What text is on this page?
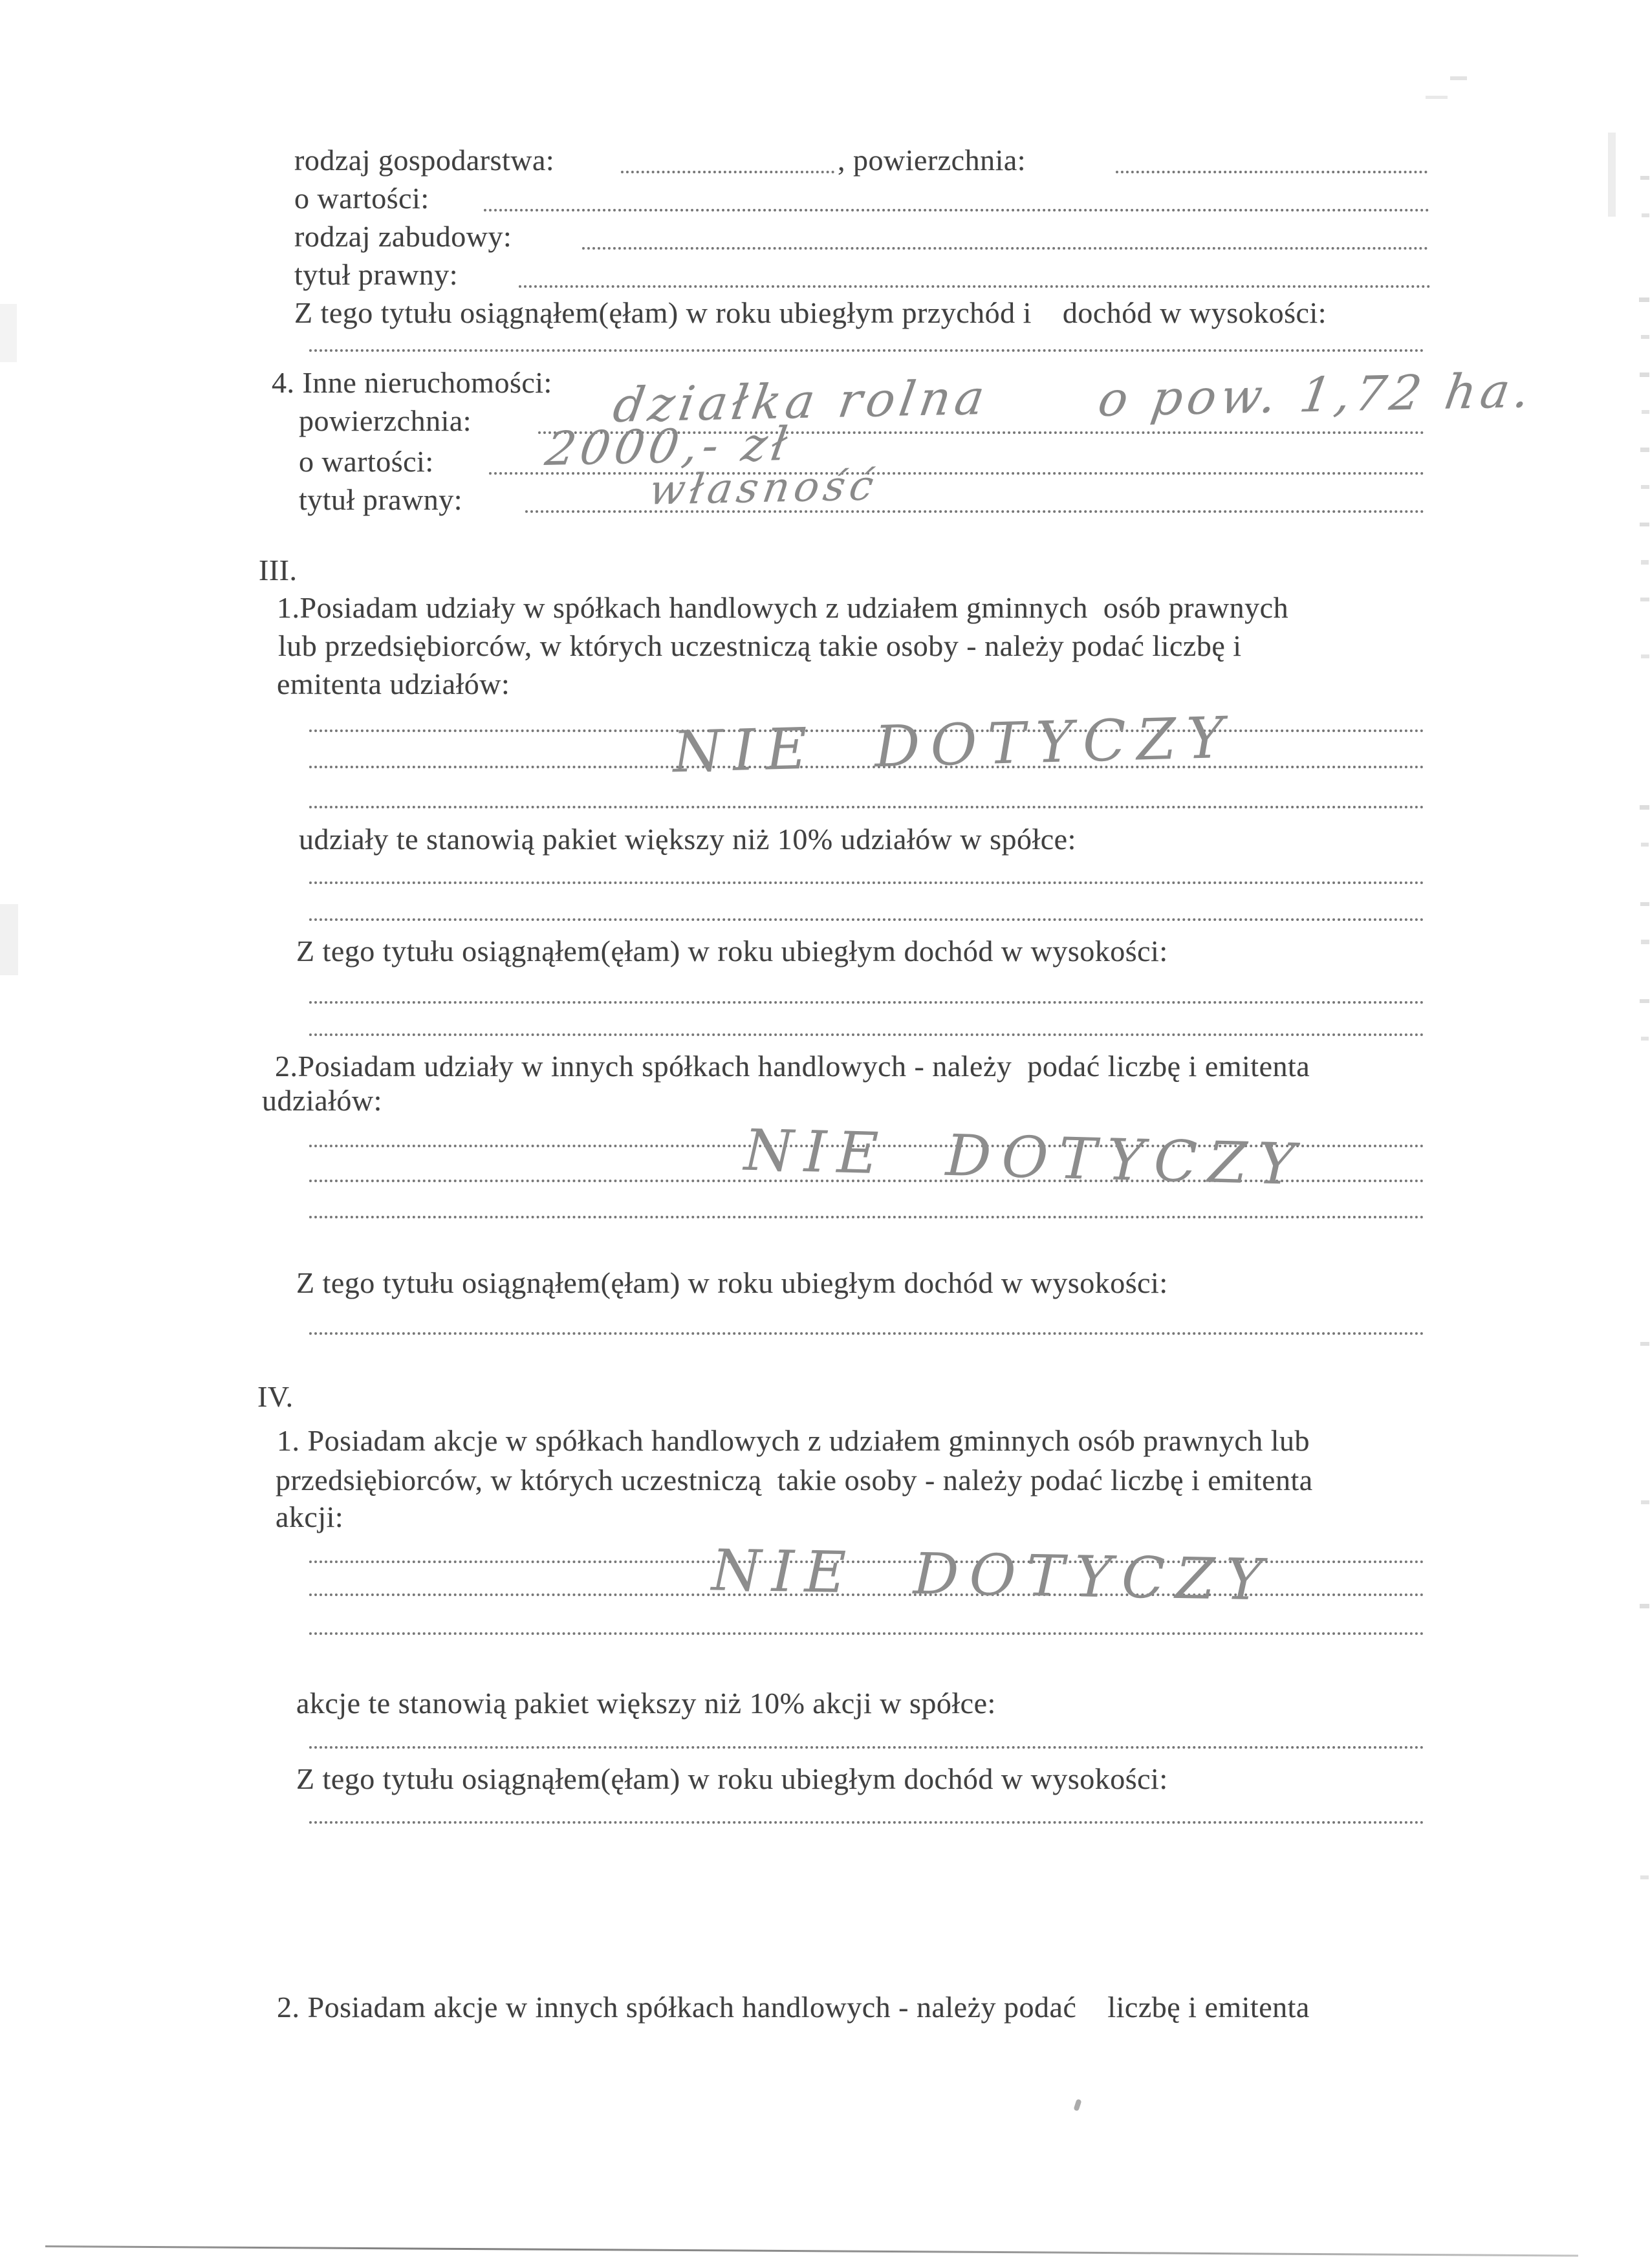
rodzaj gospodarstwa:	, powierzchnia:
o wartości:
rodzaj zabudowy:
tytuł prawny:
Z tego tytułu osiągnąłem(ęłam) w roku ubiegłym przychód i    dochód w wysokości:
4. Inne nieruchomości:
powierzchnia:	działka rolna o pow. 1,72 ha.
o wartości: 2000,- zł
tytuł prawny:	własność
III.
1.Posiadam udziały w spółkach handlowych z udziałem gminnych  osób prawnych
lub przedsiębiorców, w których uczestniczą takie osoby - należy podać liczbę i
emitenta udziałów:
NIE  DOTYCZY
udziały te stanowią pakiet większy niż 10% udziałów w spółce:
Z tego tytułu osiągnąłem(ęłam) w roku ubiegłym dochód w wysokości:
2.Posiadam udziały w innych spółkach handlowych - należy  podać liczbę i emitenta
udziałów:
NIE  DOTYCZY
Z tego tytułu osiągnąłem(ęłam) w roku ubiegłym dochód w wysokości:
IV.
1. Posiadam akcje w spółkach handlowych z udziałem gminnych osób prawnych lub
przedsiębiorców, w których uczestniczą  takie osoby - należy podać liczbę i emitenta
akcji:
NIE  DOTYCZY
akcje te stanowią pakiet większy niż 10% akcji w spółce:
Z tego tytułu osiągnąłem(ęłam) w roku ubiegłym dochód w wysokości:
2. Posiadam akcje w innych spółkach handlowych - należy podać    liczbę i emitenta
